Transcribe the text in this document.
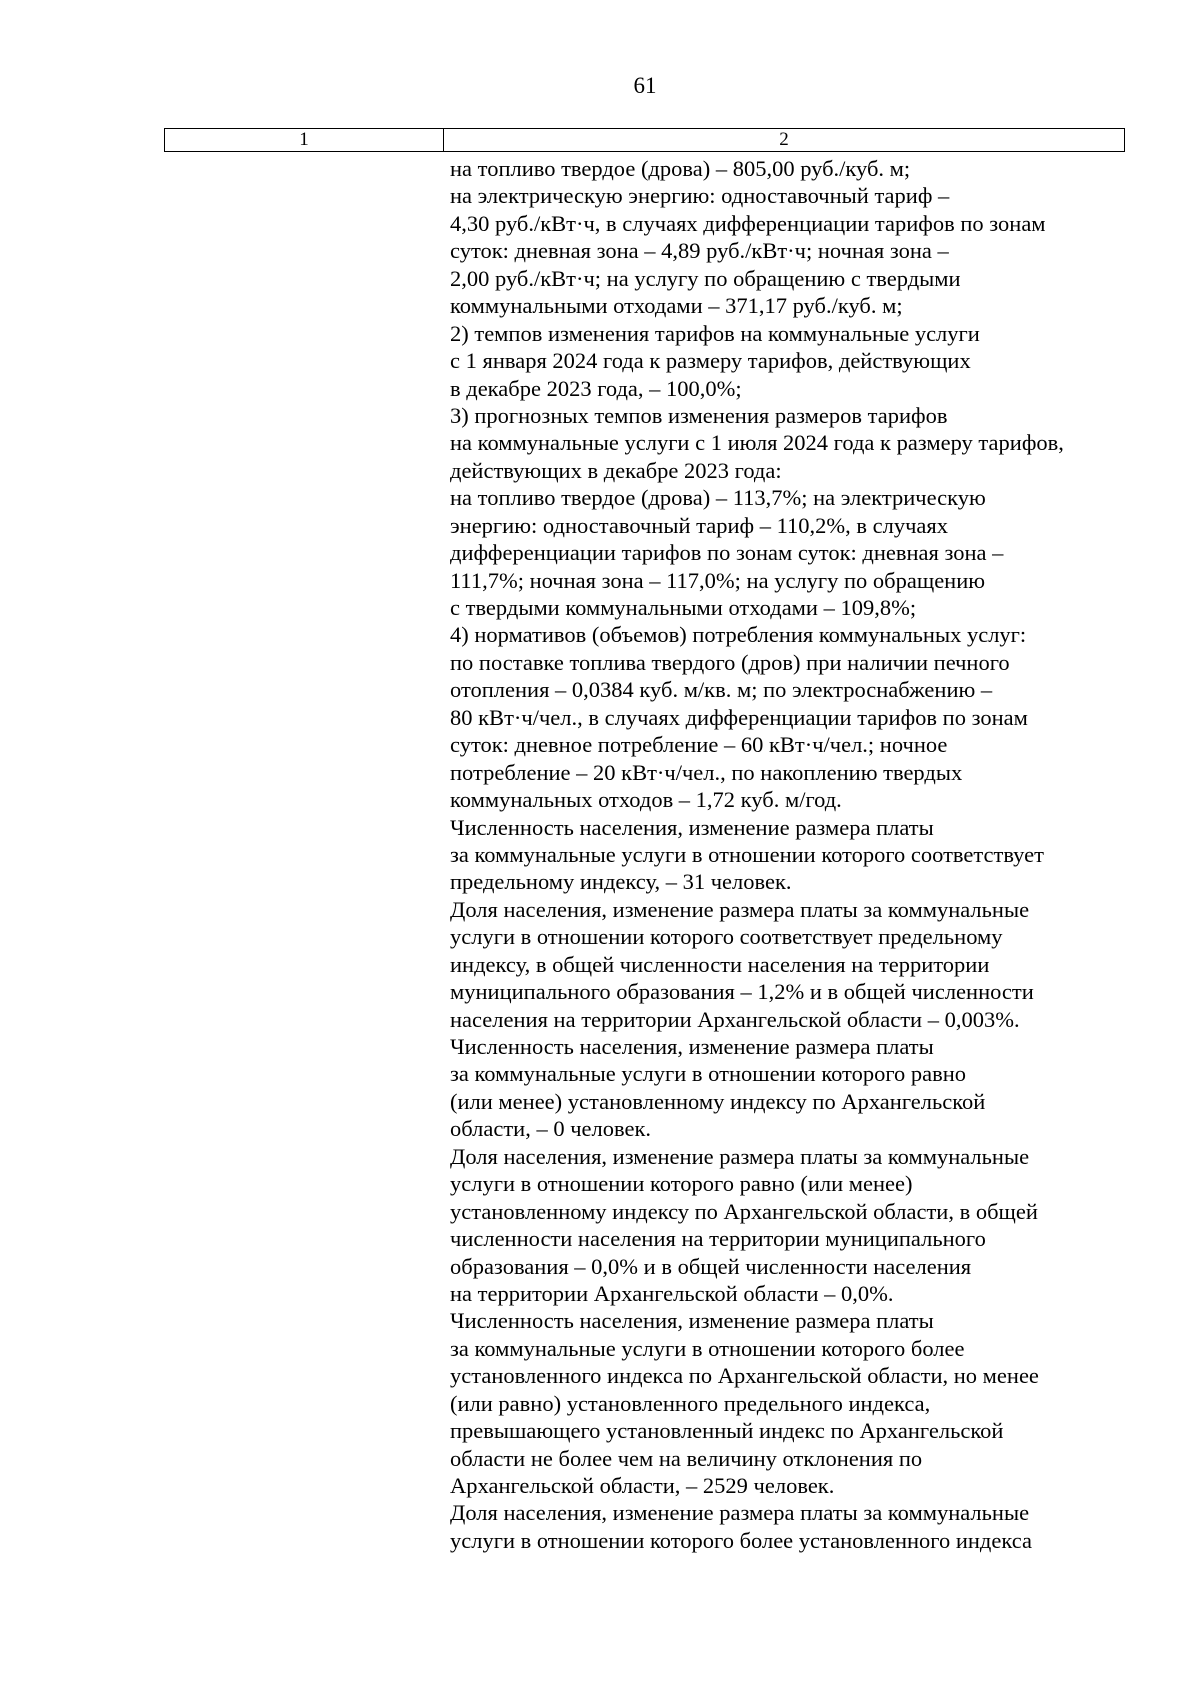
61
1	2
на топливо твердое (дрова) – 805,00 руб./куб. м;
на электрическую энергию: одноставочный тариф –
4,30 руб./кВт·ч, в случаях дифференциации тарифов по зонам
суток: дневная зона – 4,89 руб./кВт·ч; ночная зона –
2,00 руб./кВт·ч; на услугу по обращению с твердыми
коммунальными отходами – 371,17 руб./куб. м;
2) темпов изменения тарифов на коммунальные услуги
с 1 января 2024 года к размеру тарифов, действующих
в декабре 2023 года, – 100,0%;
3) прогнозных темпов изменения размеров тарифов
на коммунальные услуги с 1 июля 2024 года к размеру тарифов,
действующих в декабре 2023 года:
на топливо твердое (дрова) – 113,7%; на электрическую
энергию: одноставочный тариф – 110,2%, в случаях
дифференциации тарифов по зонам суток: дневная зона –
111,7%; ночная зона – 117,0%; на услугу по обращению
с твердыми коммунальными отходами – 109,8%;
4) нормативов (объемов) потребления коммунальных услуг:
по поставке топлива твердого (дров) при наличии печного
отопления – 0,0384 куб. м/кв. м; по электроснабжению –
80 кВт·ч/чел., в случаях дифференциации тарифов по зонам
суток: дневное потребление – 60 кВт·ч/чел.; ночное
потребление – 20 кВт·ч/чел., по накоплению твердых
коммунальных отходов – 1,72 куб. м/год.
Численность населения, изменение размера платы
за коммунальные услуги в отношении которого соответствует
предельному индексу, – 31 человек.
Доля населения, изменение размера платы за коммунальные
услуги в отношении которого соответствует предельному
индексу, в общей численности населения на территории
муниципального образования – 1,2% и в общей численности
населения на территории Архангельской области – 0,003%.
Численность населения, изменение размера платы
за коммунальные услуги в отношении которого равно
(или менее) установленному индексу по Архангельской
области, – 0 человек.
Доля населения, изменение размера платы за коммунальные
услуги в отношении которого равно (или менее)
установленному индексу по Архангельской области, в общей
численности населения на территории муниципального
образования – 0,0% и в общей численности населения
на территории Архангельской области – 0,0%.
Численность населения, изменение размера платы
за коммунальные услуги в отношении которого более
установленного индекса по Архангельской области, но менее
(или равно) установленного предельного индекса,
превышающего установленный индекс по Архангельской
области не более чем на величину отклонения по
Архангельской области, – 2529 человек.
Доля населения, изменение размера платы за коммунальные
услуги в отношении которого более установленного индекса
